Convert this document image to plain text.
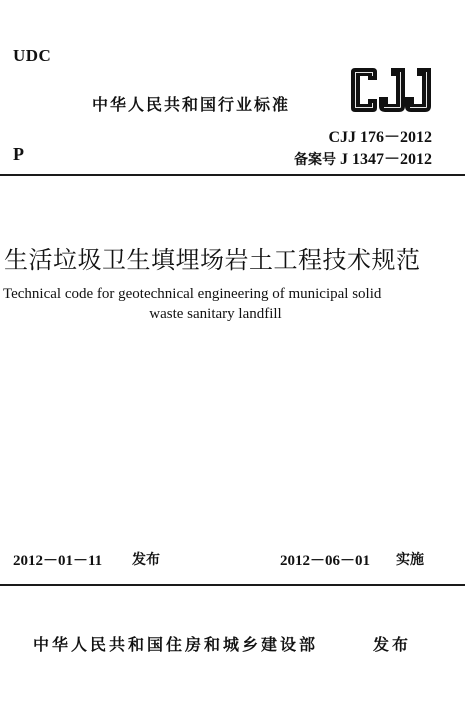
UDC
中华人民共和国行业标准
P
CJJ 176－2012
备案号 J 1347－2012
生活垃圾卫生填埋场岩土工程技术规范
Technical code for geotechnical engineering of municipal solid
waste sanitary landfill
2012－01－11 发布	2012－06－01 实施
中华人民共和国住房和城乡建设部	发布
